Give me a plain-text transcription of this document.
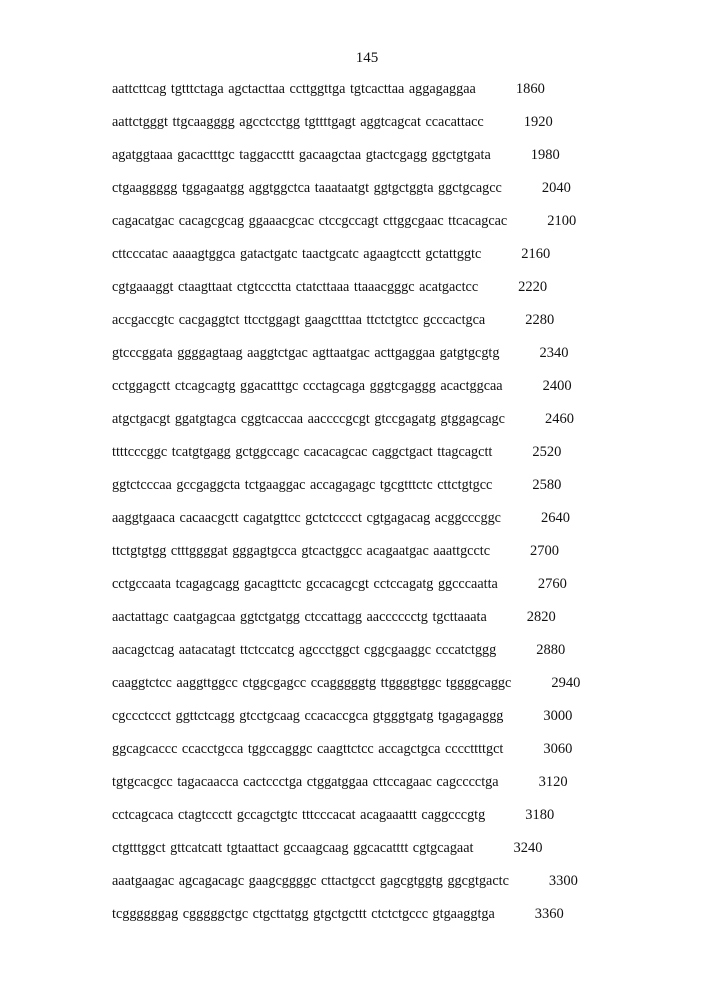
145
aattcttcag tgtttctaga agctacttaa ccttggttga tgtcacttaa aggagaggaa	1860
aattctgggt ttgcaagggg agcctcctgg tgttttgagt aggtcagcat ccacattacc	1920
agatggtaaa gacactttgc taggaccttt gacaagctaa gtactcgagg ggctgtgata	1980
ctgaaggggg tggagaatgg aggtggctca taaataatgt ggtgctggta ggctgcagcc	2040
cagacatgac cacagcgcag ggaaacgcac ctccgccagt cttggcgaac ttcacagcac	2100
cttcccatac aaaagtggca gatactgatc taactgcatc agaagtcctt gctattggtc	2160
cgtgaaaggt ctaagttaat ctgtccctta ctatcttaaa ttaaacgggc acatgactcc	2220
accgaccgtc cacgaggtct ttcctggagt gaagctttaa ttctctgtcc gcccactgca	2280
gtcccggata ggggagtaag aaggtctgac agttaatgac acttgaggaa gatgtgcgtg	2340
cctggagctt ctcagcagtg ggacatttgc ccctagcaga gggtcgaggg acactggcaa	2400
atgctgacgt ggatgtagca cggtcaccaa aaccccgcgt gtccgagatg gtggagcagc	2460
ttttcccggc tcatgtgagg gctggccagc cacacagcac caggctgact ttagcagctt	2520
ggtctcccaa gccgaggcta tctgaaggac accagagagc tgcgtttctc cttctgtgcc	2580
aaggtgaaca cacaacgctt cagatgttcc gctctcccct cgtgagacag acggcccggc	2640
ttctgtgtgg ctttggggat gggagtgcca gtcactggcc acagaatgac aaattgcctc	2700
cctgccaata tcagagcagg gacagttctc gccacagcgt cctccagatg ggcccaatta	2760
aactattagc caatgagcaa ggtctgatgg ctccattagg aacccccctg tgcttaaata	2820
aacagctcag aatacatagt ttctccatcg agccctggct cggcgaaggc cccatctggg	2880
caaggtctcc aaggttggcc ctggcgagcc ccagggggtg ttggggtggc tggggcaggc	2940
cgccctccct ggttctcagg gtcctgcaag ccacaccgca gtgggtgatg tgagagaggg	3000
ggcagcaccc ccacctgcca tggccagggc caagttctcc accagctgca ccccttttgct	3060
tgtgcacgcc tagacaacca cactccctga ctggatggaa cttccagaac cagcccctga	3120
cctcagcaca ctagtccctt gccagctgtc tttcccacat acagaaattt caggcccgtg	3180
ctgtttggct gttcatcatt tgtaattact gccaagcaag ggcacatttt cgtgcagaat	3240
aaatgaagac agcagacagc gaagcggggc cttactgcct gagcgtggtg ggcgtgactc	3300
tcggggggag cgggggctgc ctgcttatgg gtgctgcttt ctctctgccc gtgaaggtga	3360
